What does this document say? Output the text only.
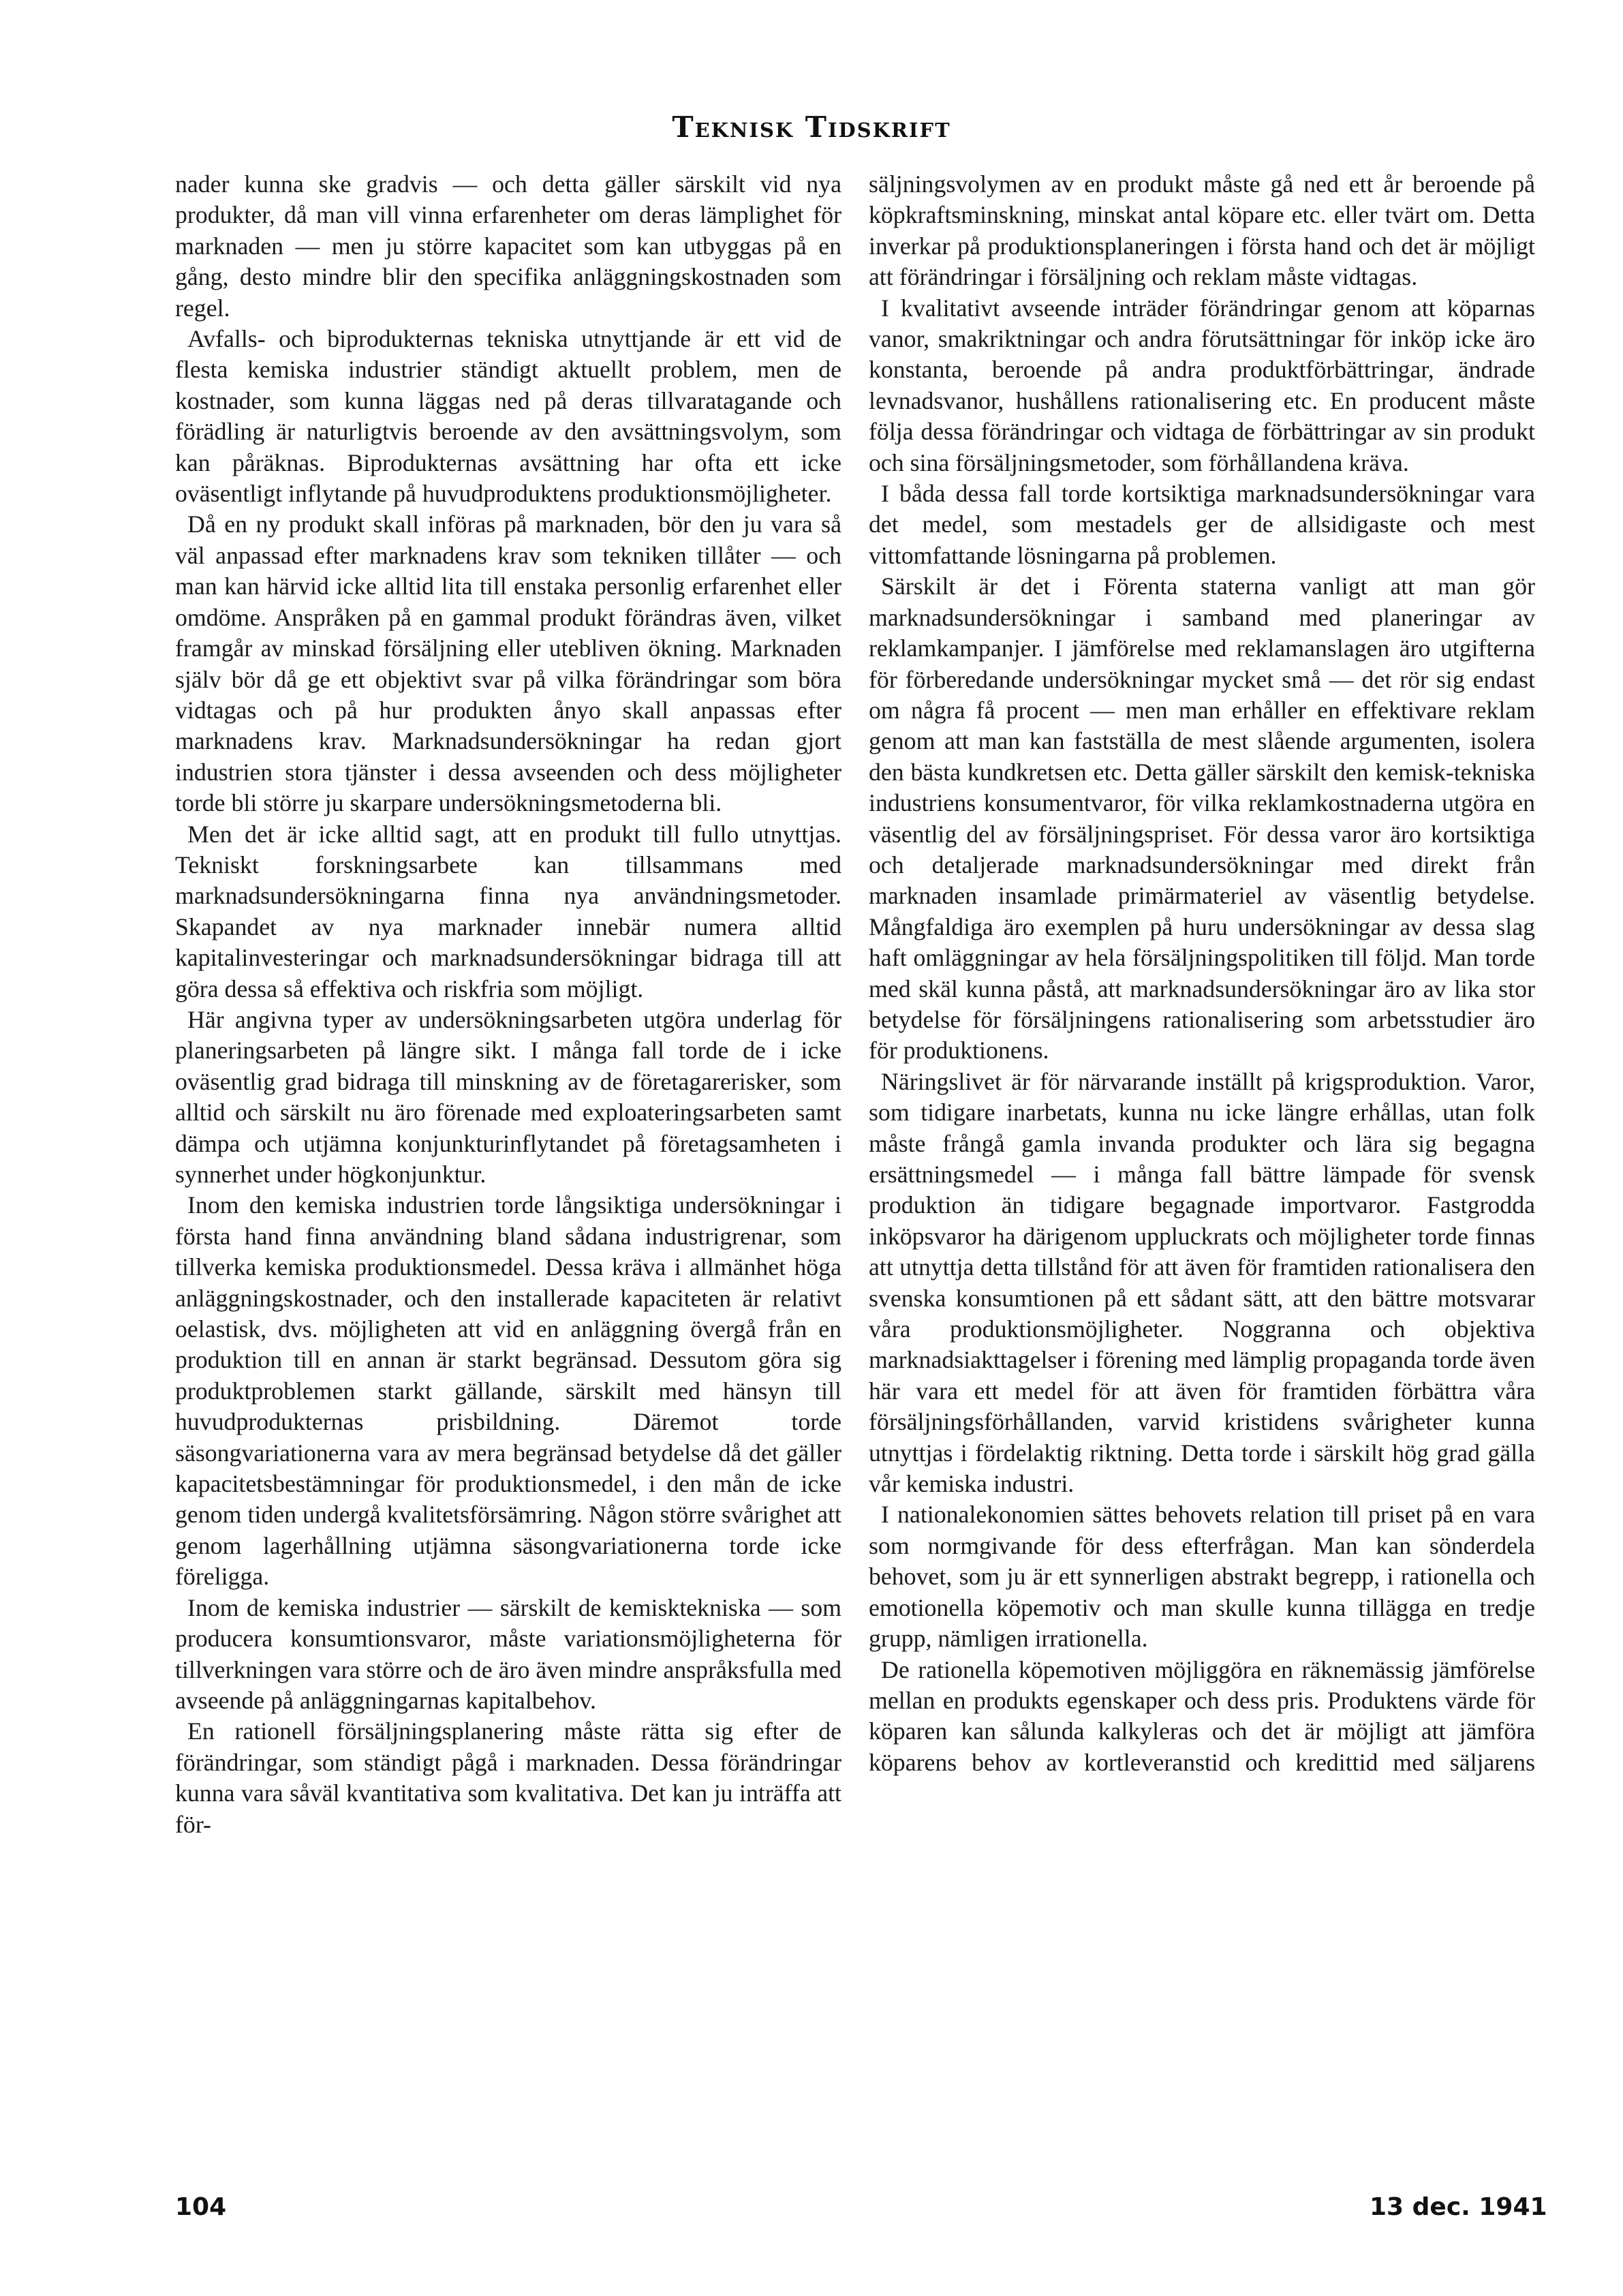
Teknisk Tidskrift

nader kunna ske gradvis — och detta gäller särskilt vid nya produkter, då man vill vinna erfarenheter om deras lämplighet för marknaden — men ju större kapacitet som kan utbyggas på en gång, desto mindre blir den specifika anläggningskostnaden som regel.

Avfalls- och biprodukternas tekniska utnyttjande är ett vid de flesta kemiska industrier ständigt aktuellt problem, men de kostnader, som kunna läggas ned på deras tillvaratagande och förädling är naturligtvis beroende av den avsättningsvolym, som kan påräknas. Biprodukternas avsättning har ofta ett icke oväsentligt inflytande på huvudproduktens produktionsmöjligheter.

Då en ny produkt skall införas på marknaden, bör den ju vara så väl anpassad efter marknadens krav som tekniken tillåter — och man kan härvid icke alltid lita till enstaka personlig erfarenhet eller omdöme. Anspråken på en gammal produkt förändras även, vilket framgår av minskad försäljning eller utebliven ökning. Marknaden själv bör då ge ett objektivt svar på vilka förändringar som böra vidtagas och på hur produkten ånyo skall anpassas efter marknadens krav. Marknadsundersökningar ha redan gjort industrien stora tjänster i dessa avseenden och dess möjligheter torde bli större ju skarpare undersökningsmetoderna bli.

Men det är icke alltid sagt, att en produkt till fullo utnyttjas. Tekniskt forskningsarbete kan tillsammans med marknadsundersökningarna finna nya användningsmetoder. Skapandet av nya marknader innebär numera alltid kapitalinvesteringar och marknadsundersökningar bidraga till att göra dessa så effektiva och riskfria som möjligt.

Här angivna typer av undersökningsarbeten utgöra underlag för planeringsarbeten på längre sikt. I många fall torde de i icke oväsentlig grad bidraga till minskning av de företagarerisker, som alltid och särskilt nu äro förenade med exploateringsarbeten samt dämpa och utjämna konjunkturinflytandet på företagsamheten i synnerhet under högkonjunktur.

Inom den kemiska industrien torde långsiktiga undersökningar i första hand finna användning bland sådana industrigrenar, som tillverka kemiska produktionsmedel. Dessa kräva i allmänhet höga anläggningskostnader, och den installerade kapaciteten är relativt oelastisk, dvs. möjligheten att vid en anläggning övergå från en produktion till en annan är starkt begränsad. Dessutom göra sig produktproblemen starkt gällande, särskilt med hänsyn till huvudprodukternas prisbildning. Däremot torde säsongvariationerna vara av mera begränsad betydelse då det gäller kapacitetsbestämningar för produktionsmedel, i den mån de icke genom tiden undergå kvalitetsförsämring. Någon större svårighet att genom lagerhållning utjämna säsongvariationerna torde icke föreligga.

Inom de kemiska industrier — särskilt de kemisktekniska — som producera konsumtionsvaror, måste variationsmöjligheterna för tillverkningen vara större och de äro även mindre anspråksfulla med avseende på anläggningarnas kapitalbehov.

En rationell försäljningsplanering måste rätta sig efter de förändringar, som ständigt pågå i marknaden. Dessa förändringar kunna vara såväl kvantitativa som kvalitativa. Det kan ju inträffa att för-

säljningsvolymen av en produkt måste gå ned ett år beroende på köpkraftsminskning, minskat antal köpare etc. eller tvärt om. Detta inverkar på produktionsplaneringen i första hand och det är möjligt att förändringar i försäljning och reklam måste vidtagas.

I kvalitativt avseende inträder förändringar genom att köparnas vanor, smakriktningar och andra förutsättningar för inköp icke äro konstanta, beroende på andra produktförbättringar, ändrade levnadsvanor, hushållens rationalisering etc. En producent måste följa dessa förändringar och vidtaga de förbättringar av sin produkt och sina försäljningsmetoder, som förhållandena kräva.

I båda dessa fall torde kortsiktiga marknadsundersökningar vara det medel, som mestadels ger de allsidigaste och mest vittomfattande lösningarna på problemen.

Särskilt är det i Förenta staterna vanligt att man gör marknadsundersökningar i samband med planeringar av reklamkampanjer. I jämförelse med reklamanslagen äro utgifterna för förberedande undersökningar mycket små — det rör sig endast om några få procent — men man erhåller en effektivare reklam genom att man kan fastställa de mest slående argumenten, isolera den bästa kundkretsen etc. Detta gäller särskilt den kemisk-tekniska industriens konsumentvaror, för vilka reklamkostnaderna utgöra en väsentlig del av försäljningspriset. För dessa varor äro kortsiktiga och detaljerade marknadsundersökningar med direkt från marknaden insamlade primärmateriel av väsentlig betydelse. Mångfaldiga äro exemplen på huru undersökningar av dessa slag haft omläggningar av hela försäljningspolitiken till följd. Man torde med skäl kunna påstå, att marknadsundersökningar äro av lika stor betydelse för försäljningens rationalisering som arbetsstudier äro för produktionens.

Näringslivet är för närvarande inställt på krigsproduktion. Varor, som tidigare inarbetats, kunna nu icke längre erhållas, utan folk måste frångå gamla invanda produkter och lära sig begagna ersättningsmedel — i många fall bättre lämpade för svensk produktion än tidigare begagnade importvaror. Fastgrodda inköpsvaror ha därigenom uppluckrats och möjligheter torde finnas att utnyttja detta tillstånd för att även för framtiden rationalisera den svenska konsumtionen på ett sådant sätt, att den bättre motsvarar våra produktionsmöjligheter. Noggranna och objektiva marknadsiakttagelser i förening med lämplig propaganda torde även här vara ett medel för att även för framtiden förbättra våra försäljningsförhållanden, varvid kristidens svårigheter kunna utnyttjas i fördelaktig riktning. Detta torde i särskilt hög grad gälla vår kemiska industri.

I nationalekonomien sättes behovets relation till priset på en vara som normgivande för dess efterfrågan. Man kan sönderdela behovet, som ju är ett synnerligen abstrakt begrepp, i rationella och emotionella köpemotiv och man skulle kunna tillägga en tredje grupp, nämligen irrationella.

De rationella köpemotiven möjliggöra en räknemässig jämförelse mellan en produkts egenskaper och dess pris. Produktens värde för köparen kan sålunda kalkyleras och det är möjligt att jämföra köparens behov av kortleveranstid och kredittid med säljarens

104	13 dec. 1941
